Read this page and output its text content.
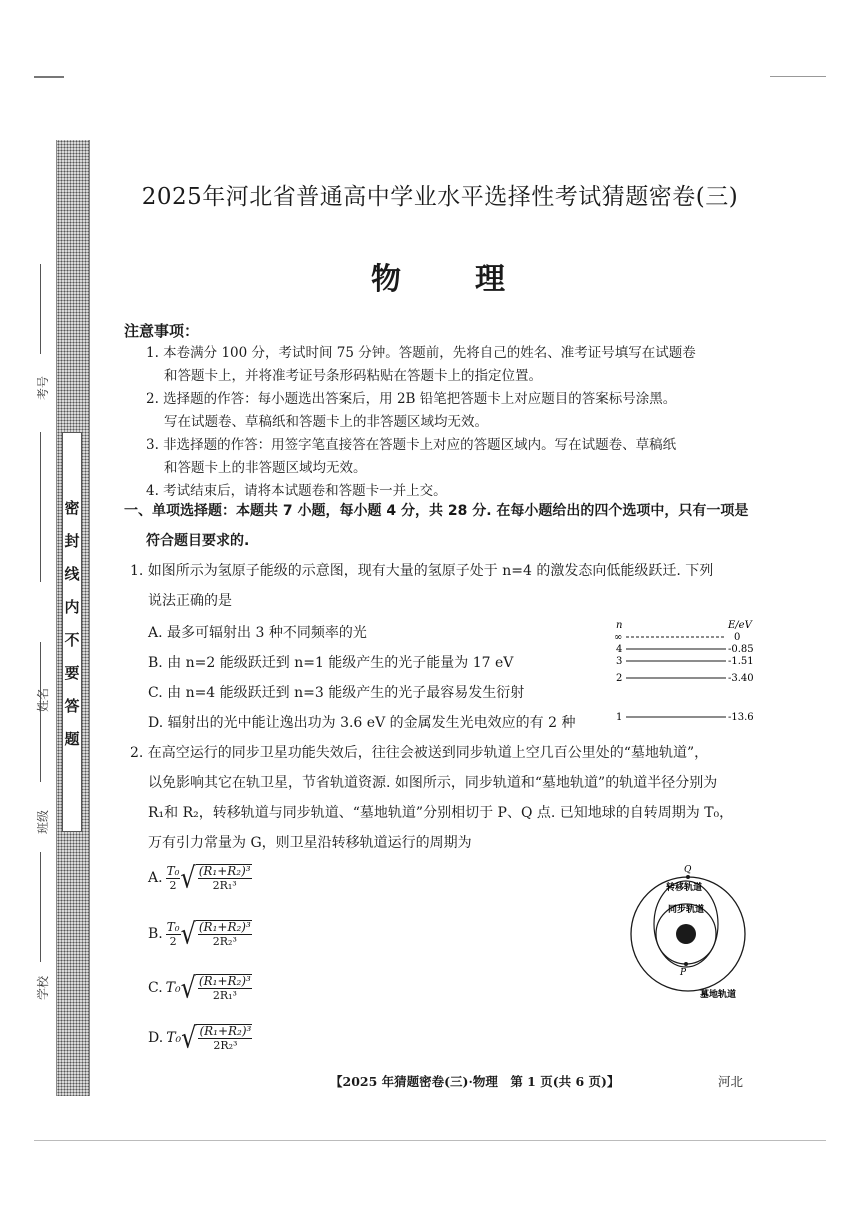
学校
班级
姓名
考号
密封线内不要答题
2025年河北省普通高中学业水平选择性考试猜题密卷(三)
物 理
注意事项：

1. 本卷满分 100 分，考试时间 75 分钟。答题前，先将自己的姓名、准考证号填写在试题卷

和答题卡上，并将准考证号条形码粘贴在答题卡上的指定位置。

2. 选择题的作答：每小题选出答案后，用 2B 铅笔把答题卡上对应题目的答案标号涂黑。

写在试题卷、草稿纸和答题卡上的非答题区域均无效。

3. 非选择题的作答：用签字笔直接答在答题卡上对应的答题区域内。写在试题卷、草稿纸

和答题卡上的非答题区域均无效。

4. 考试结束后，请将本试题卷和答题卡一并上交。

一、单项选择题：本题共 7 小题，每小题 4 分，共 28 分. 在每小题给出的四个选项中，只有一项是
符合题目要求的.

1. 如图所示为氢原子能级的示意图，现有大量的氢原子处于 n=4 的激发态向低能级跃迁. 下列

说法正确的是

A. 最多可辐射出 3 种不同频率的光
B. 由 n=2 能级跃迁到 n=1 能级产生的光子能量为 17 eV
C. 由 n=4 能级跃迁到 n=3 能级产生的光子最容易发生衍射
D. 辐射出的光中能让逸出功为 3.6 eV 的金属发生光电效应的有 2 种
n	E/eV
∞	0
4	-0.85
3	-1.51
2	-3.40
1	-13.6

2. 在高空运行的同步卫星功能失效后，往往会被送到同步轨道上空几百公里处的“墓地轨道”，

以免影响其它在轨卫星，节省轨道资源. 如图所示，同步轨道和“墓地轨道”的轨道半径分别为

R₁和 R₂，转移轨道与同步轨道、“墓地轨道”分别相切于 P、Q 点. 已知地球的自转周期为 T₀，

万有引力常量为 G，则卫星沿转移轨道运行的周期为

A. $\frac{\text{T₀}}{2}$ √ $\frac{\text{(R₁+R₂)³}}{\text{2R₁³}}$
B. $\frac{\text{T₀}}{2}$ √ $\frac{\text{(R₁+R₂)³}}{\text{2R₂³}}$
C. T₀ √ $\frac{\text{(R₁+R₂)³}}{\text{2R₁³}}$
D. T₀ √ $\frac{\text{(R₁+R₂)³}}{\text{2R₂³}}$
Q
P
转移轨道
同步轨道
墓地轨道
【2025 年猜题密卷(三)·物理　第 1 页(共 6 页)】	河北
